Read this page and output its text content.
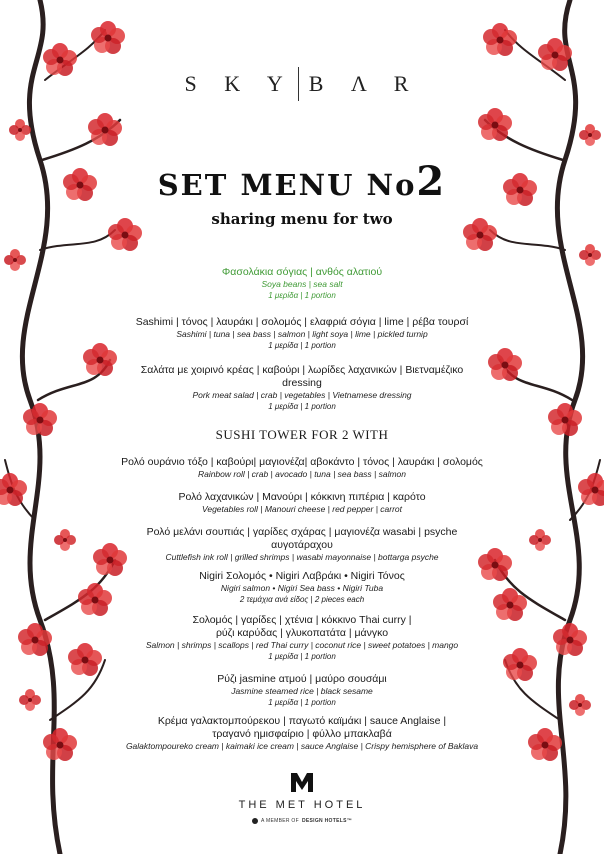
S K Y B Λ R
SET MENU No2
sharing menu for two
Φασολάκια σόγιας | ανθός αλατιού
Soya beans | sea salt
1 μερίδα | 1 portion
Sashimi | τόνος | λαυράκι | σολομός | ελαφριά σόγια | lime | ρέβα τουρσί
Sashimi | tuna | sea bass | salmon | light soya | lime | pickled turnip
1 μερίδα | 1 portion
Σαλάτα με χοιρινό κρέας | καβούρι | λωρίδες λαχανικών | Βιετναμέζικο dressing
Pork meat salad | crab | vegetables | Vietnamese dressing
1 μερίδα | 1 portion
SUSHI TOWER FOR 2 WITH
Ρολό ουράνιο τόξο | καβούρι| μαγιονέζα| αβοκάντο | τόνος | λαυράκι | σολομός
Rainbow roll | crab | avocado | tuna | sea bass | salmon
Ρολό λαχανικών | Μανούρι | κόκκινη πιπέρια | καρότο
Vegetables roll | Manouri cheese | red pepper | carrot
Ρολό μελάνι σουπιάς | γαρίδες σχάρας | μαγιονέζα wasabi | psyche αυγοτάραχου
Cuttlefish ink roll | grilled shrimps | wasabi mayonnaise | bottarga psyche
Nigiri Σολομός • Nigiri Λαβράκι • Nigiri Τόνος
Nigiri salmon • Nigiri Sea bass • Nigiri Tuba
2 τεμάχια ανά είδος | 2 pieces each
Σολομός | γαρίδες | χτένια | κόκκινο Thai curry |
ρύζι καρύδας | γλυκοπατάτα | μάνγκο
Salmon | shrimps | scallops | red Thai curry | coconut rice | sweet potatoes | mango
1 μερίδα | 1 portion
Ρύζι jasmine ατμού | μαύρο σουσάμι
Jasmine steamed rice | black sesame
1 μερίδα | 1 portion
Κρέμα γαλακτομπούρεκου | παγωτό καϊμάκι | sauce Anglaise |
τραγανό ημισφαίριο | φύλλο μπακλαβά
Galaktompoureko cream | kaimaki ice cream | sauce Anglaise | Crispy hemisphere of Baklava
THE MET HOTEL
A MEMBER OF DESIGN HOTELS™
